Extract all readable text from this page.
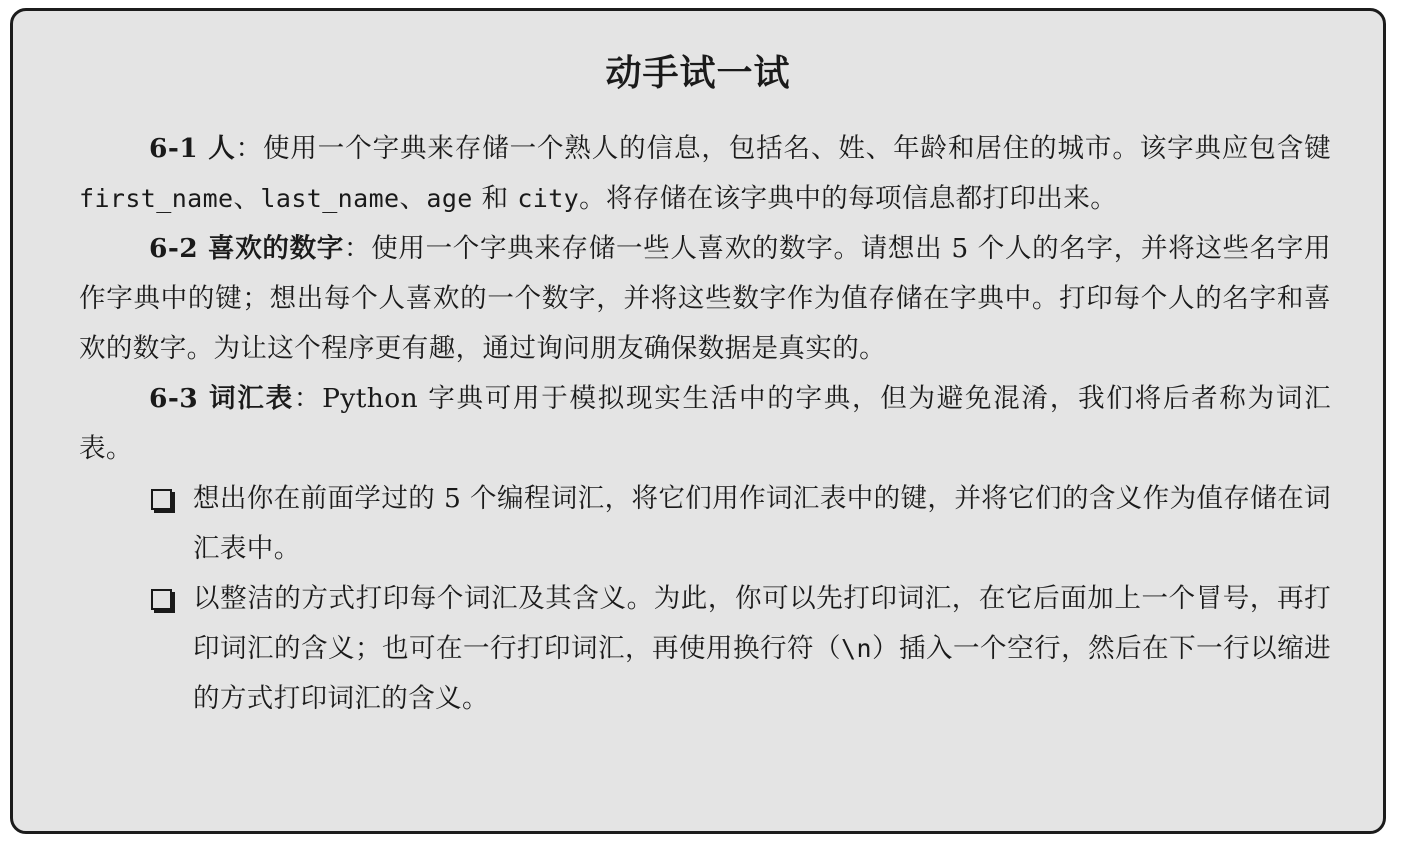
动手试一试

6-1 人：使用一个字典来存储一个熟人的信息，包括名、姓、年龄和居住的城市。该字典应包含键 first_name、last_name、age 和 city。将存储在该字典中的每项信息都打印出来。

6-2 喜欢的数字：使用一个字典来存储一些人喜欢的数字。请想出 5 个人的名字，并将这些名字用作字典中的键；想出每个人喜欢的一个数字，并将这些数字作为值存储在字典中。打印每个人的名字和喜欢的数字。为让这个程序更有趣，通过询问朋友确保数据是真实的。

6-3 词汇表：Python 字典可用于模拟现实生活中的字典，但为避免混淆，我们将后者称为词汇表。

想出你在前面学过的 5 个编程词汇，将它们用作词汇表中的键，并将它们的含义作为值存储在词汇表中。
以整洁的方式打印每个词汇及其含义。为此，你可以先打印词汇，在它后面加上一个冒号，再打印词汇的含义；也可在一行打印词汇，再使用换行符（\n）插入一个空行，然后在下一行以缩进的方式打印词汇的含义。
